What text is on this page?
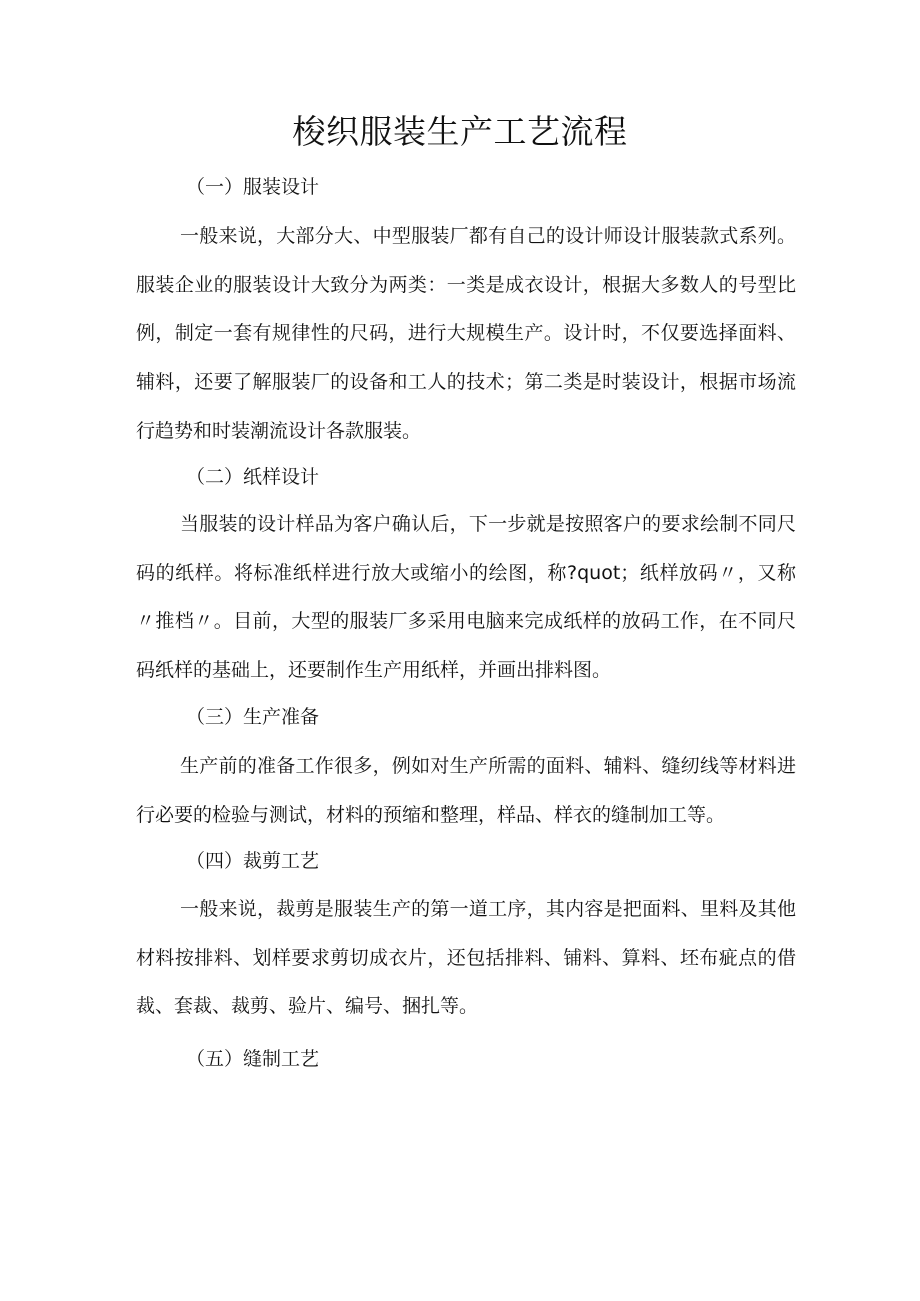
梭织服装生产工艺流程

（一）服装设计

一般来说，大部分大、中型服装厂都有自己的设计师设计服装款式系列。服装企业的服装设计大致分为两类：一类是成衣设计，根据大多数人的号型比例，制定一套有规律性的尺码，进行大规模生产。设计时，不仅要选择面料、辅料，还要了解服装厂的设备和工人的技术；第二类是时装设计，根据市场流行趋势和时装潮流设计各款服装。

（二）纸样设计

当服装的设计样品为客户确认后，下一步就是按照客户的要求绘制不同尺码的纸样。将标准纸样进行放大或缩小的绘图，称?quot；纸样放码〃，又称〃推档〃。目前，大型的服装厂多采用电脑来完成纸样的放码工作，在不同尺码纸样的基础上，还要制作生产用纸样，并画出排料图。

（三）生产准备

生产前的准备工作很多，例如对生产所需的面料、辅料、缝纫线等材料进行必要的检验与测试，材料的预缩和整理，样品、样衣的缝制加工等。

（四）裁剪工艺

一般来说，裁剪是服装生产的第一道工序，其内容是把面料、里料及其他材料按排料、划样要求剪切成衣片，还包括排料、铺料、算料、坯布疵点的借裁、套裁、裁剪、验片、编号、捆扎等。

（五）缝制工艺
